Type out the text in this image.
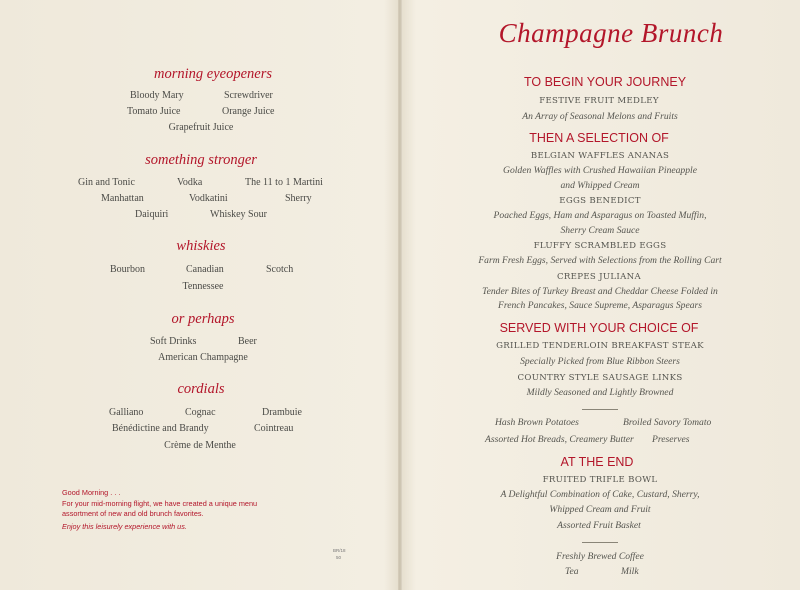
morning eyeopeners
Bloody Mary	Screwdriver
Tomato Juice	Orange Juice
Grapefruit Juice
something stronger
Gin and Tonic	Vodka	The 11 to 1 Martini
Manhattan	Vodkatini	Sherry
Daiquiri	Whiskey Sour
whiskies
Bourbon	Canadian	Scotch
Tennessee
or perhaps
Soft Drinks	Beer
American Champagne
cordials
Galliano	Cognac	Drambuie
Bénédictine and Brandy	Cointreau
Crème de Menthe
Good Morning . . .
For your mid-morning flight, we have created a unique menu
assortment of new and old brunch favorites.
Enjoy this leisurely experience with us.
BR/18
50
Champagne Brunch
TO BEGIN YOUR JOURNEY
FESTIVE FRUIT MEDLEY
An Array of Seasonal Melons and Fruits
THEN A SELECTION OF
BELGIAN WAFFLES ANANAS
Golden Waffles with Crushed Hawaiian Pineapple
and Whipped Cream
EGGS BENEDICT
Poached Eggs, Ham and Asparagus on Toasted Muffin,
Sherry Cream Sauce
FLUFFY SCRAMBLED EGGS
Farm Fresh Eggs, Served with Selections from the Rolling Cart
CREPES JULIANA
Tender Bites of Turkey Breast and Cheddar Cheese Folded in
French Pancakes, Sauce Supreme, Asparagus Spears
SERVED WITH YOUR CHOICE OF
GRILLED TENDERLOIN BREAKFAST STEAK
Specially Picked from Blue Ribbon Steers
COUNTRY STYLE SAUSAGE LINKS
Mildly Seasoned and Lightly Browned
Hash Brown Potatoes	Broiled Savory Tomato
Assorted Hot Breads, Creamery Butter Preserves
AT THE END
FRUITED TRIFLE BOWL
A Delightful Combination of Cake, Custard, Sherry,
Whipped Cream and Fruit
Assorted Fruit Basket
Freshly Brewed Coffee
Tea	Milk
